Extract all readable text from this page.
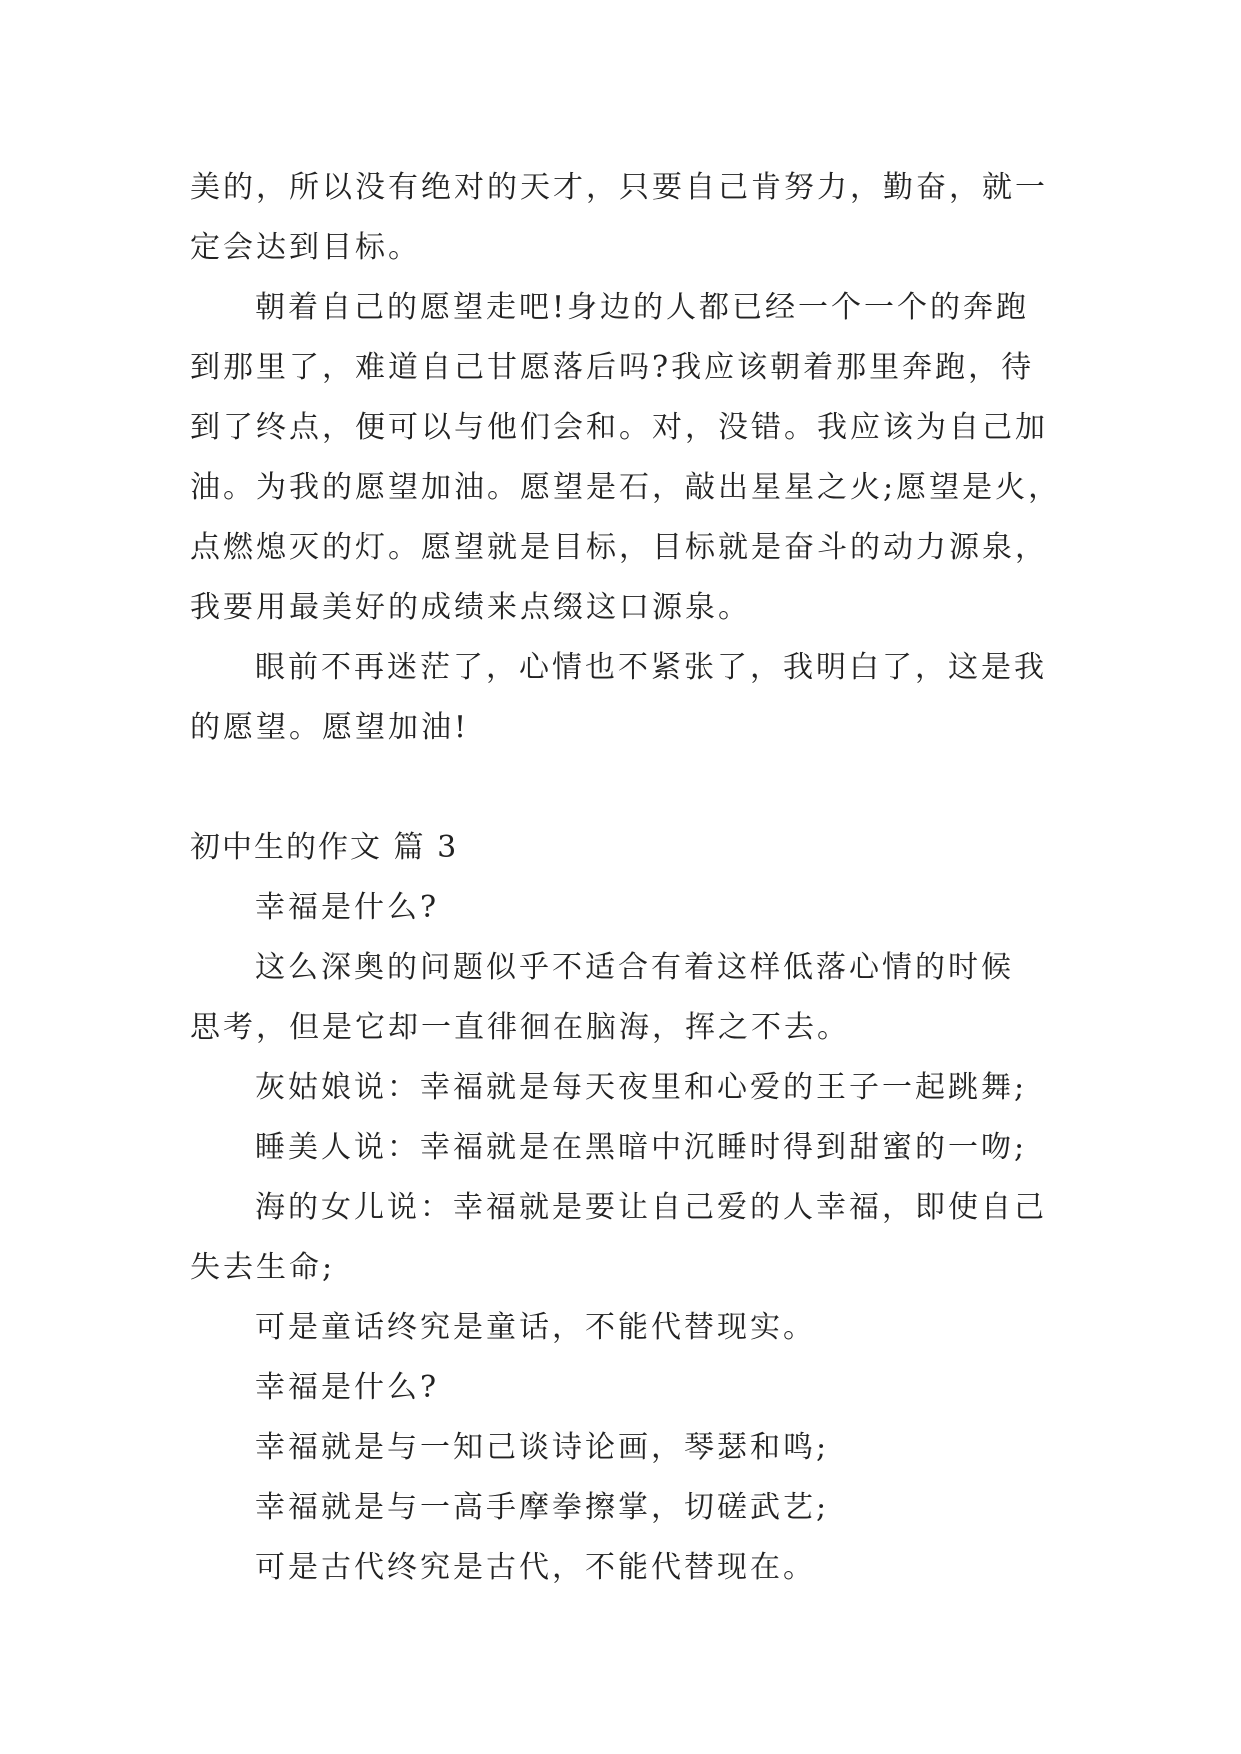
美的，所以没有绝对的天才，只要自己肯努力，勤奋，就一
定会达到目标。
朝着自己的愿望走吧!身边的人都已经一个一个的奔跑
到那里了，难道自己甘愿落后吗?我应该朝着那里奔跑，待
到了终点，便可以与他们会和。对，没错。我应该为自己加
油。为我的愿望加油。愿望是石，敲出星星之火;愿望是火，
点燃熄灭的灯。愿望就是目标，目标就是奋斗的动力源泉，
我要用最美好的成绩来点缀这口源泉。
眼前不再迷茫了，心情也不紧张了，我明白了，这是我
的愿望。愿望加油!
初中生的作文 篇 3
幸福是什么?
这么深奥的问题似乎不适合有着这样低落心情的时候
思考，但是它却一直徘徊在脑海，挥之不去。
灰姑娘说：幸福就是每天夜里和心爱的王子一起跳舞;
睡美人说：幸福就是在黑暗中沉睡时得到甜蜜的一吻;
海的女儿说：幸福就是要让自己爱的人幸福，即使自己
失去生命;
可是童话终究是童话，不能代替现实。
幸福是什么?
幸福就是与一知己谈诗论画，琴瑟和鸣;
幸福就是与一高手摩拳擦掌，切磋武艺;
可是古代终究是古代，不能代替现在。
